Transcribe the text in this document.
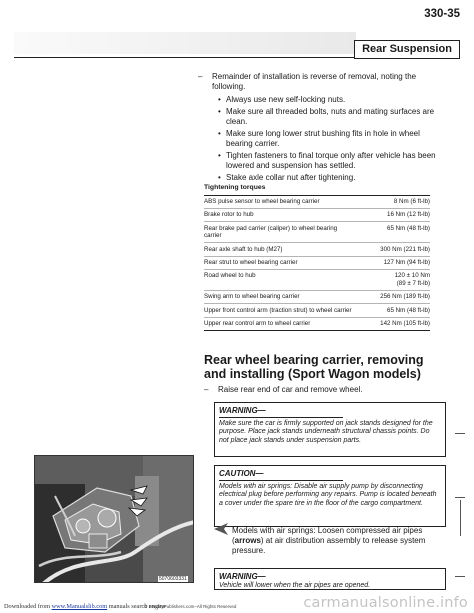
330-35
Rear Suspension
– Remainder of installation is reverse of removal, noting the following.
• Always use new self-locking nuts.
• Make sure all threaded bolts, nuts and mating surfaces are clean.
• Make sure long lower strut bushing fits in hole in wheel bearing carrier.
• Tighten fasteners to final torque only after vehicle has been lowered and suspension has settled.
• Stake axle collar nut after tightening.
Tightening torques
ABS pulse sensor to wheel bearing carrier	8 Nm (6 ft-lb)
Brake rotor to hub	16 Nm (12 ft-lb)
Rear brake pad carrier (caliper) to wheel bearing carrier	65 Nm (48 ft-lb)
Rear axle shaft to hub (M27)	300 Nm (221 ft-lb)
Rear strut to wheel bearing carrier	127 Nm (94 ft-lb)
Road wheel to hub	120 ± 10 Nm
(89 ± 7 ft-lb)
Swing arm to wheel bearing carrier	256 Nm (189 ft-lb)
Upper front control arm (traction strut) to wheel carrier	65 Nm (48 ft-lb)
Upper rear control arm to wheel carrier	142 Nm (105 ft-lb)
Rear wheel bearing carrier, removing and installing (Sport Wagon models)
– Raise rear end of car and remove wheel.
WARNING—
Make sure the car is firmly supported on jack stands designed for the purpose. Place jack stands underneath structural chassis points. Do not place jack stands under suspension parts.
CAUTION—
Models with air springs: Disable air supply pump by disconnecting electrical plug before performing any repairs. Pump is located beneath a cover under the spare tire in the floor of the cargo compartment.
Models with air springs: Loosen compressed air pipes (arrows) at air distribution assembly to release system pressure.
WARNING—
Vehicle will lower when the air pipes are opened.
5070603331
Downloaded from www.Manualslib.com manuals search engine
© BentleyPublishers.com–All Rights Reserved	carmanualsonline.info
